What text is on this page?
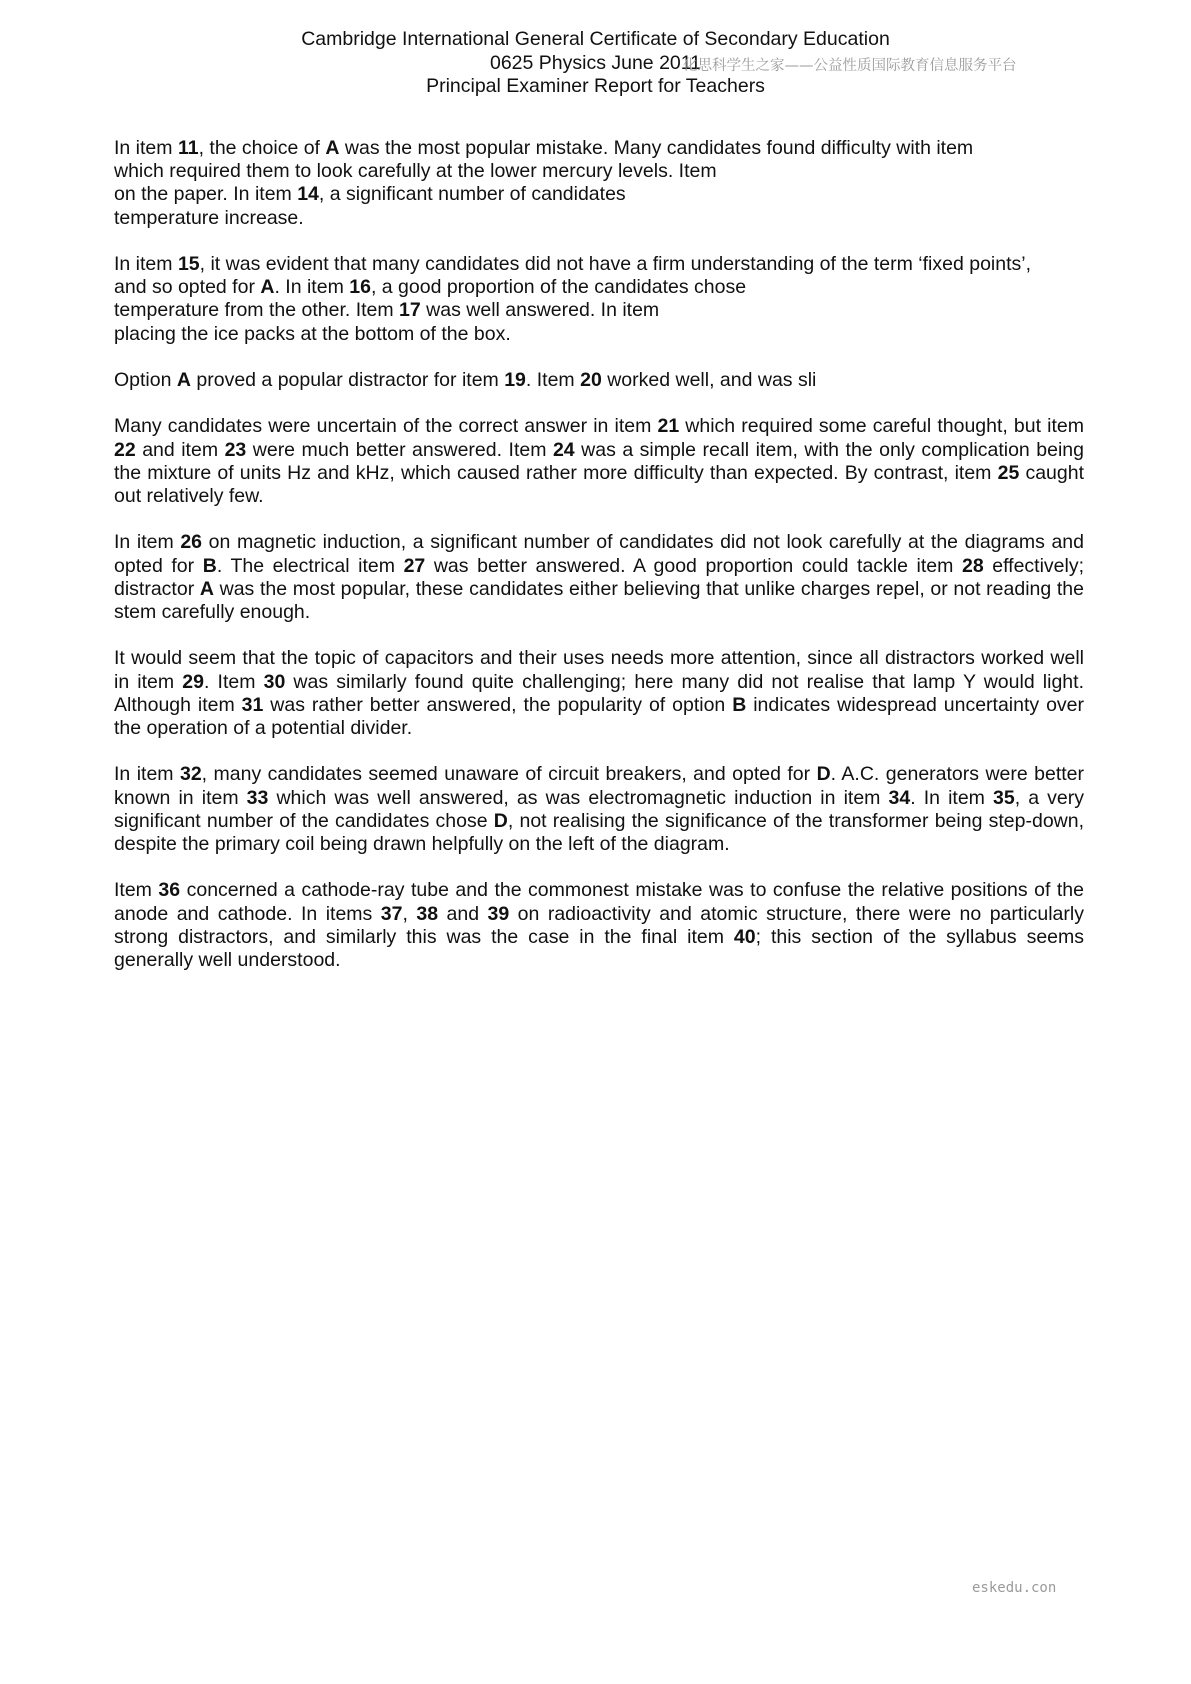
Cambridge International General Certificate of Secondary Education
0625 Physics June 2011
Principal Examiner Report for Teachers
化思科学生之家——公益性质国际教育信息服务平台

In item 11, the choice of A was the most popular mistake. Many candidates found difficulty with item
which required them to look carefully at the lower mercury levels. Item
on the paper. In item 14, a significant number of candidates
temperature increase.

In item 15, it was evident that many candidates did not have a firm understanding of the term ‘fixed points’,
and so opted for A. In item 16, a good proportion of the candidates chose
temperature from the other. Item 17 was well answered. In item
placing the ice packs at the bottom of the box.

Option A proved a popular distractor for item 19. Item 20 worked well, and was sli

Many candidates were uncertain of the correct answer in item 21 which required some careful thought, but item 22 and item 23 were much better answered. Item 24 was a simple recall item, with the only complication being the mixture of units Hz and kHz, which caused rather more difficulty than expected. By contrast, item 25 caught out relatively few.

In item 26 on magnetic induction, a significant number of candidates did not look carefully at the diagrams and opted for B. The electrical item 27 was better answered. A good proportion could tackle item 28 effectively; distractor A was the most popular, these candidates either believing that unlike charges repel, or not reading the stem carefully enough.

It would seem that the topic of capacitors and their uses needs more attention, since all distractors worked well in item 29. Item 30 was similarly found quite challenging; here many did not realise that lamp Y would light. Although item 31 was rather better answered, the popularity of option B indicates widespread uncertainty over the operation of a potential divider.

In item 32, many candidates seemed unaware of circuit breakers, and opted for D. A.C. generators were better known in item 33 which was well answered, as was electromagnetic induction in item 34. In item 35, a very significant number of the candidates chose D, not realising the significance of the transformer being step-down, despite the primary coil being drawn helpfully on the left of the diagram.

Item 36 concerned a cathode-ray tube and the commonest mistake was to confuse the relative positions of the anode and cathode. In items 37, 38 and 39 on radioactivity and atomic structure, there were no particularly strong distractors, and similarly this was the case in the final item 40; this section of the syllabus seems generally well understood.

eskedu.con
